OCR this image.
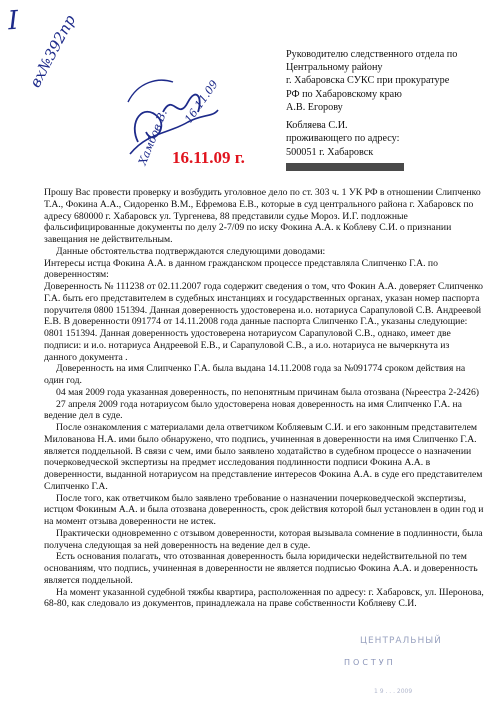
I вх№392пр
16.11.09
Хамбов В. 16.11.09 г.
Руководителю следственного отдела по
Центральному району
г. Хабаровска СУКС при прокуратуре
РФ по Хабаровскому краю
А.В. Егорову
Кобляева С.И.
проживающего по адресу:
500051 г. Хабаровск

Прошу Вас провести проверку и возбудить уголовное дело по ст. 303 ч. 1 УК РФ в отношении Слипченко Т.А., Фокина А.А., Сидоренко В.М., Ефремова Е.В., которые в суд центрального района г. Хабаровск по адресу 680000 г. Хабаровск ул. Тургенева, 88 представили судье Мороз. И.Г. подложные фальсифицированные документы по делу 2-7/09 по иску Фокина А.А. к Коблеву С.И. о признании завещания не действительным.

Данные обстоятельства подтверждаются следующими доводами:

Интересы истца Фокина А.А. в данном гражданском процессе представляла Слипченко Г.А. по доверенностям:

Доверенность № 111238 от 02.11.2007 года содержит сведения о том, что Фокин А.А. доверяет Слипченко Г.А. быть его представителем в судебных инстанциях и государственных органах, указан номер паспорта поручителя 0800 151394. Данная доверенность удостоверена и.о. нотариуса Сарапуловой С.В. Андреевой Е.В. В доверенности 091774 от 14.11.2008 года данные паспорта Слипченко Г.А., указаны следующие: 0801 151394. Данная доверенность удостоверена нотариусом Сарапуловой С.В., однако, имеет две подписи: и и.о. нотариуса Андреевой Е.В., и Сарапуловой С.В., а и.о. нотариуса не вычеркнута из данного документа .

Доверенность на имя Слипченко Г.А. была выдана 14.11.2008 года за №091774 сроком действия на один год.

04 мая 2009 года указанная доверенность, по непонятным причинам была отозвана (№реестра 2-2426)

27 апреля 2009 года нотариусом было удостоверена новая доверенность на имя Слипченко Г.А. на ведение дел в суде.

После ознакомления с материалами дела ответчиком Кобляевым С.И. и его законным представителем Милованова Н.А. ими было обнаружено, что подпись, учиненная в доверенности на имя Слипченко Г.А. является поддельной. В связи с чем, ими было заявлено ходатайство в судебном процессе о назначении почерковедческой экспертизы на предмет исследования подлинности подписи Фокина А.А. в доверенности, выданной нотариусом на представление интересов Фокина А.А. в суде его представителем Слипченко Г.А.

После того, как ответчиком было заявлено требование о назначении почерковедческой экспертизы, истцом Фокиным А.А. и была отозвана доверенность, срок действия которой был установлен в один год и на момент отзыва доверенности не истек.

Практически одновременно с отзывом доверенности, которая вызывала сомнение в подлинности, была получена следующая за ней доверенность на ведение дел в суде.

Есть основания полагать, что отозванная доверенность была юридически недействительной по тем основаниям, что подпись, учиненная в доверенности не является подписью Фокина А.А. и доверенность является поддельной.

На момент указанной судебной тяжбы квартира, расположенная по адресу: г. Хабаровск, ул. Шеронова, 68-80, как следовало из документов, принадлежала на праве собственности Кобляеву С.И.

ЦЕНТРАЛЬНЫЙ
ПОСТУП
1 9 . . . 2009
